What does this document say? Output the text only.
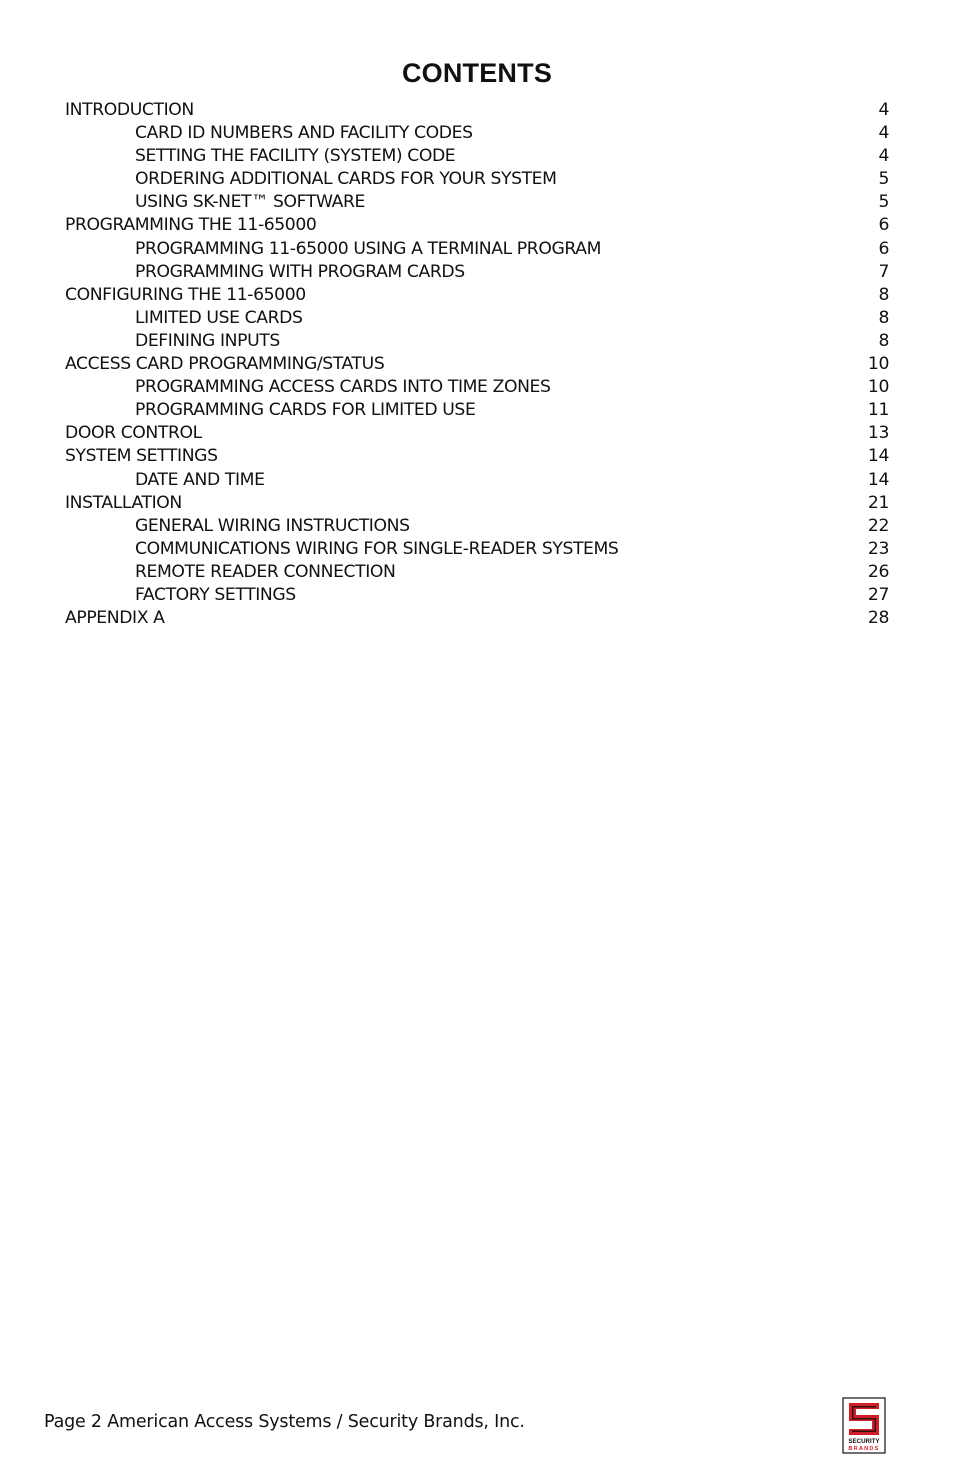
CONTENTS
INTRODUCTION	4
CARD ID NUMBERS AND FACILITY CODES	4
SETTING THE FACILITY (SYSTEM) CODE	4
ORDERING ADDITIONAL CARDS FOR YOUR SYSTEM	5
USING SK-NET™ SOFTWARE	5
PROGRAMMING THE 11-65000	6
PROGRAMMING 11-65000 USING A TERMINAL PROGRAM	6
PROGRAMMING WITH PROGRAM CARDS	7
CONFIGURING THE 11-65000	8
LIMITED USE CARDS	8
DEFINING INPUTS	8
ACCESS CARD PROGRAMMING/STATUS	10
PROGRAMMING ACCESS CARDS INTO TIME ZONES	10
PROGRAMMING CARDS FOR LIMITED USE	11
DOOR CONTROL	13
SYSTEM SETTINGS	14
DATE AND TIME	14
INSTALLATION	21
GENERAL WIRING INSTRUCTIONS	22
COMMUNICATIONS WIRING FOR SINGLE-READER SYSTEMS	23
REMOTE READER CONNECTION	26
FACTORY SETTINGS	27
APPENDIX A	28
Page 2 American Access Systems / Security Brands, Inc.
SECURITY
BRANDS
